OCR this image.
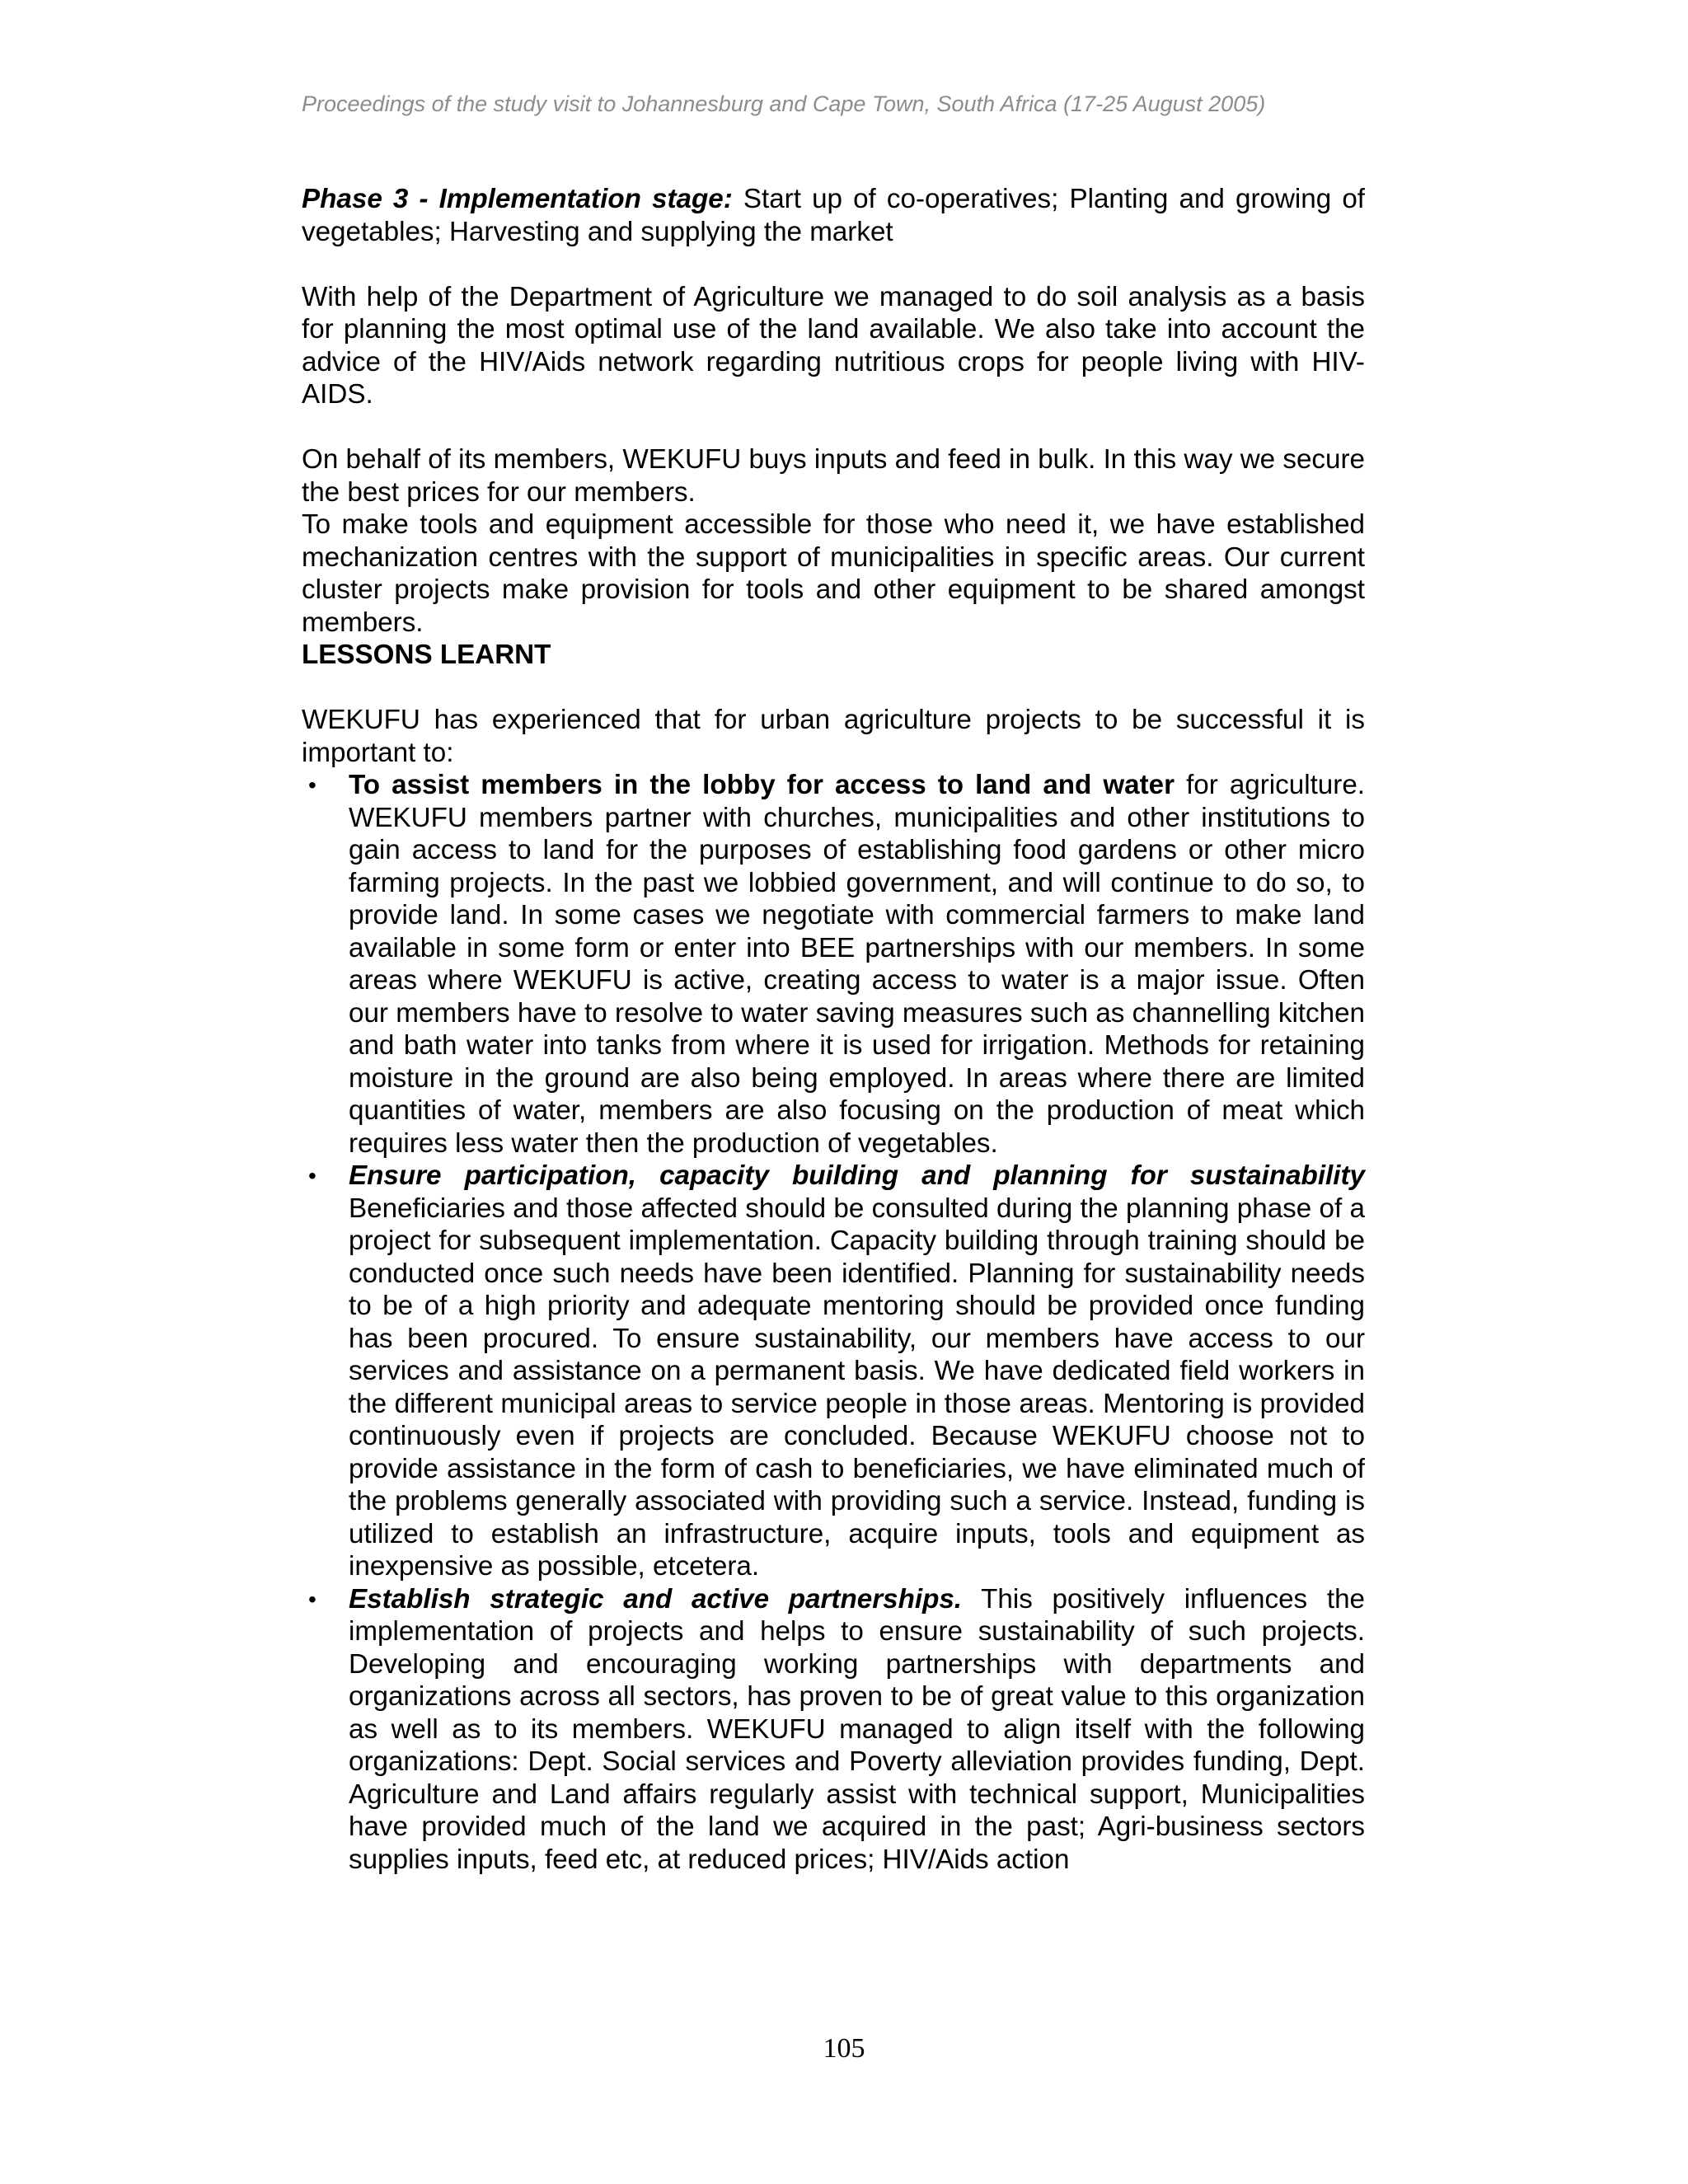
Proceedings of the study visit to Johannesburg and Cape Town, South Africa (17-25 August 2005)

Phase 3 - Implementation stage: Start up of co-operatives; Planting and growing of vegetables; Harvesting and supplying the market

With help of the Department of Agriculture we managed to do soil analysis as a basis for planning the most optimal use of the land available. We also take into account the advice of the HIV/Aids network regarding nutritious crops for people living with HIV-AIDS.

On behalf of its members, WEKUFU buys inputs and feed in bulk. In this way we secure the best prices for our members.

To make tools and equipment accessible for those who need it, we have established mechanization centres with the support of municipalities in specific areas. Our current cluster projects make provision for tools and other equipment to be shared amongst members.

LESSONS LEARNT

WEKUFU has experienced that for urban agriculture projects to be successful it is important to:

• To assist members in the lobby for access to land and water for agriculture. WEKUFU members partner with churches, municipalities and other institutions to gain access to land for the purposes of establishing food gardens or other micro farming projects. In the past we lobbied government, and will continue to do so, to provide land. In some cases we negotiate with commercial farmers to make land available in some form or enter into BEE partnerships with our members. In some areas where WEKUFU is active, creating access to water is a major issue. Often our members have to resolve to water saving measures such as channelling kitchen and bath water into tanks from where it is used for irrigation. Methods for retaining moisture in the ground are also being employed. In areas where there are limited quantities of water, members are also focusing on the production of meat which requires less water then the production of vegetables.
• Ensure participation, capacity building and planning for sustainability Beneficiaries and those affected should be consulted during the planning phase of a project for subsequent implementation. Capacity building through training should be conducted once such needs have been identified. Planning for sustainability needs to be of a high priority and adequate mentoring should be provided once funding has been procured. To ensure sustainability, our members have access to our services and assistance on a permanent basis. We have dedicated field workers in the different municipal areas to service people in those areas. Mentoring is provided continuously even if projects are concluded. Because WEKUFU choose not to provide assistance in the form of cash to beneficiaries, we have eliminated much of the problems generally associated with providing such a service. Instead, funding is utilized to establish an infrastructure, acquire inputs, tools and equipment as inexpensive as possible, etcetera.
• Establish strategic and active partnerships. This positively influences the implementation of projects and helps to ensure sustainability of such projects. Developing and encouraging working partnerships with departments and organizations across all sectors, has proven to be of great value to this organization as well as to its members. WEKUFU managed to align itself with the following organizations: Dept. Social services and Poverty alleviation provides funding, Dept. Agriculture and Land affairs regularly assist with technical support, Municipalities have provided much of the land we acquired in the past; Agri-business sectors supplies inputs, feed etc, at reduced prices; HIV/Aids action
105
